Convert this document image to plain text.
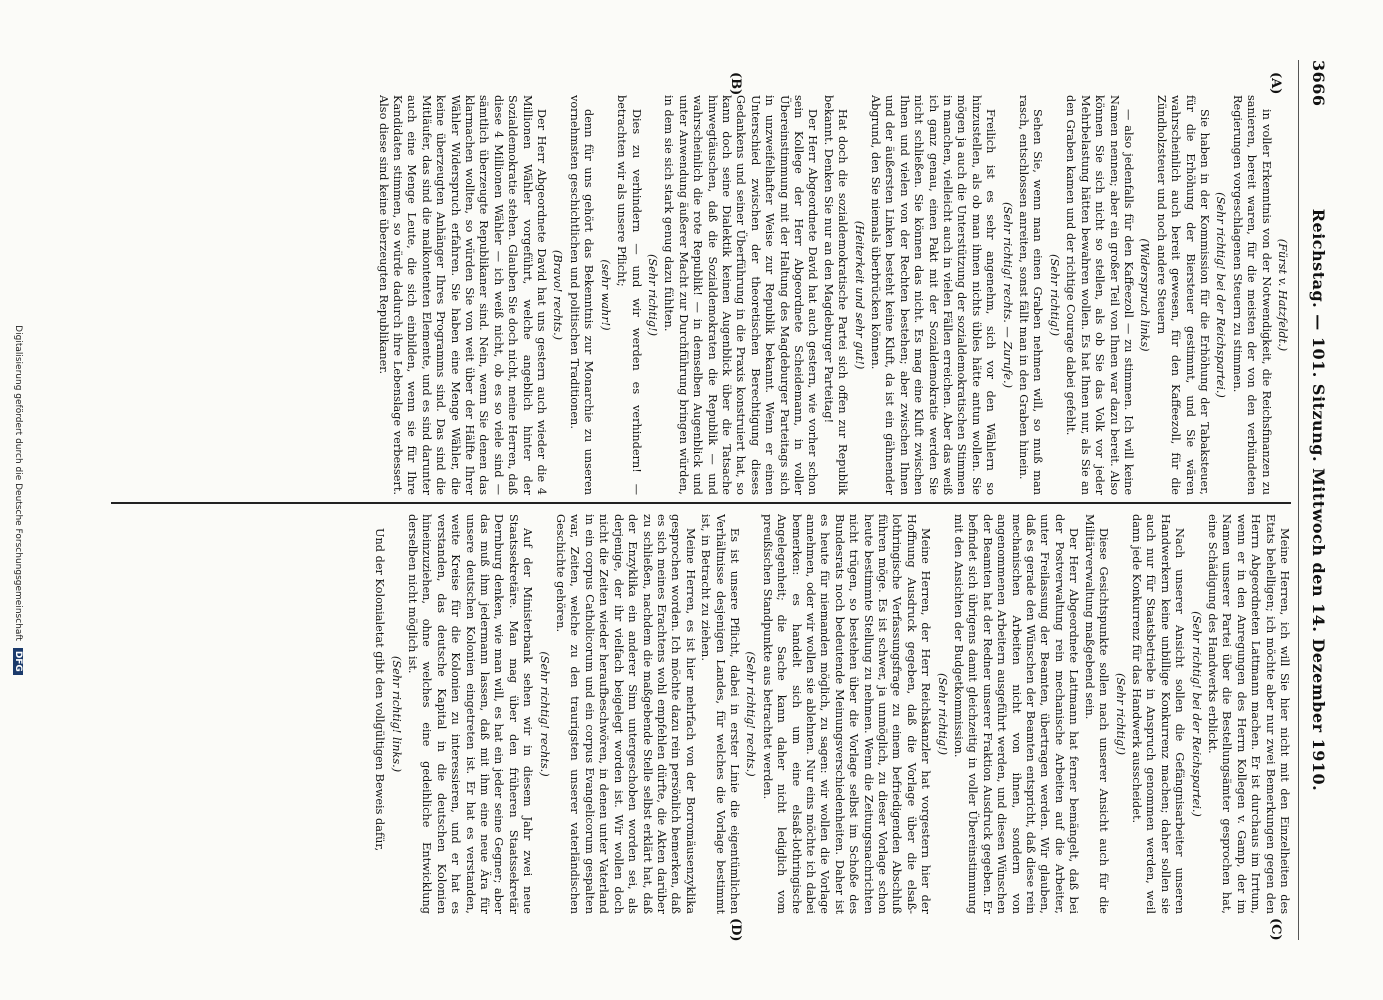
3666
Reichstag. — 101. Sitzung. Mittwoch den 14. Dezember 1910.
(A)
(B)
(C)
(D)
(Fürst v. Hatzfeldt.)

in voller Erkenntnis von der Notwendigkeit, die Reichsfinanzen zu sanieren, bereit waren, für die meisten der von den verbündeten Regierungen vorgeschlagenen Steuern zu stimmen.

(Sehr richtig! bei der Reichspartei.)

Sie haben in der Kommission für die Erhöhung der Tabaksteuer, für die Erhöhung der Biersteuer gestimmt, und Sie wären wahrscheinlich auch bereit gewesen, für den Kaffeezoll, für die Zündholzsteuer und noch andere Steuern

(Widerspruch links)

— also jedenfalls für den Kaffeezoll — zu stimmen. Ich will keine Namen nennen; aber ein großer Teil von Ihnen war dazu bereit. Also können Sie sich nicht so stellen, als ob Sie das Volk vor jeder Mehrbelastung hätten bewahren wollen. Es hat Ihnen nur, als Sie an den Graben kamen und der richtige Courage dabei gefehlt.

(Sehr richtig!)

Sehen Sie, wenn man einen Graben nehmen will, so muß man rasch, entschlossen anreiten, sonst fällt man in den Graben hinein.

(Sehr richtig! rechts. — Zurufe.)

Freilich ist es sehr angenehm, sich vor den Wählern so hinzustellen, als ob man ihnen nichts übles hätte antun wollen. Sie mögen ja auch die Unterstützung der sozialdemokratischen Stimmen in manchen, vielleicht auch in vielen Fällen erreichen. Aber das weiß ich ganz genau, einen Pakt mit der Sozialdemokratie werden Sie nicht schließen. Sie können das nicht. Es mag eine Kluft zwischen Ihnen und vielen von der Rechten bestehen; aber zwischen Ihnen und der äußersten Linken besteht keine Kluft, da ist ein gähnender Abgrund, den Sie niemals überbrücken können.

(Heiterkeit und sehr gut!)

Hat doch die sozialdemokratische Partei sich offen zur Republik bekannt. Denken Sie nur an den Magdeburger Parteitag!

Der Herr Abgeordnete David hat auch gestern, wie vorher schon sein Kollege der Herr Abgeordnete Scheidemann, in voller Übereinstimmung mit der Haltung des Magdeburger Parteitags sich in unzweifelhafter Weise zur Republik bekannt. Wenn er einen Unterschied zwischen der theoretischen Berechtigung dieses Gedankens und seiner Überführung in die Praxis konstruiert hat, so kann doch seine Dialektik keinen Augenblick über die Tatsache hinwegtäuschen, daß die Sozialdemokraten die Republik — und wahrscheinlich die rote Republik! — in demselben Augenblick und unter Anwendung äußerer Macht zur Durchführung bringen würden, in dem sie sich stark genug dazu fühlten.

(Sehr richtig!)

Dies zu verhindern — und wir werden es verhindern! — betrachten wir als unsere Pflicht;

(sehr wahr!)

denn für uns gehört das Bekenntnis zur Monarchie zu unseren vornehmsten geschichtlichen und politischen Traditionen.

(Bravo! rechts.)

Der Herr Abgeordnete David hat uns gestern auch wieder die 4 Millionen Wähler vorgeführt, welche angeblich hinter der Sozialdemokratie stehen. Glauben Sie doch nicht, meine Herren, daß diese 4 Millionen Wähler — ich weiß nicht, ob es so viele sind — sämtlich überzeugte Republikaner sind. Nein, wenn Sie denen das klarmachen wollten, so würden Sie von weit über der Hälfte Ihrer Wähler Widerspruch erfahren. Sie haben eine Menge Wähler, die keine überzeugten Anhänger Ihres Programms sind. Das sind die Mitläufer, das sind die malkontenten Elemente, und es sind darunter auch eine Menge Leute, die sich einbilden, wenn sie für Ihre Kandidaten stimmen, so würde dadurch ihre Lebenslage verbessert. Also diese sind keine überzeugten Republikaner.

Meine Herren, ich will Sie hier nicht mit den Einzelheiten des Etats behelligen; ich möchte aber nur zwei Bemerkungen gegen den Herrn Abgeordneten Lattmann machen. Er ist durchaus im Irrtum, wenn er in den Anregungen des Herrn Kollegen v. Gamp, der im Namen unserer Partei über die Bestellungsämter gesprochen hat, eine Schädigung des Handwerks erblickt.

(Sehr richtig! bei der Reichspartei.)

Nach unserer Ansicht sollen die Gefängnisarbeiter unseren Handwerkern keine unbillige Konkurrenz machen; daher sollen sie auch nur für Staatsbetriebe in Anspruch genommen werden, weil dann jede Konkurrenz für das Handwerk ausscheidet.

(Sehr richtig!)

Diese Gesichtspunkte sollen nach unserer Ansicht auch für die Militärverwaltung maßgebend sein.

Der Herr Abgeordnete Lattmann hat ferner bemängelt, daß bei der Postverwaltung rein mechanische Arbeiten auf die Arbeiter, unter Freilassung der Beamten, übertragen werden. Wir glauben, daß es gerade den Wünschen der Beamten entspricht, daß diese rein mechanischen Arbeiten nicht von ihnen, sondern von angenommenen Arbeitern ausgeführt werden, und diesen Wünschen der Beamten hat der Redner unserer Fraktion Ausdruck gegeben. Er befindet sich übrigens damit gleichzeitig in voller Übereinstimmung mit den Ansichten der Budgetkommission.

(Sehr richtig!)

Meine Herren, der Herr Reichskanzler hat vorgestern hier der Hoffnung Ausdruck gegeben, daß die Vorlage über die elsaß-lothringische Verfassungsfrage zu einem befriedigenden Abschluß führen möge. Es ist schwer, ja unmöglich, zu dieser Vorlage schon heute bestimmte Stellung zu nehmen. Wenn die Zeitungsnachrichten nicht trügen, so bestehen über die Vorlage selbst im Schoße des Bundesrats noch bedeutende Meinungsverschiedenheiten. Daher ist es heute für niemanden möglich, zu sagen: wir wollen die Vorlage annehmen, oder wir wollen sie ablehnen. Nur eins möchte ich dabei bemerken: es handelt sich um eine elsaß-lothringische Angelegenheit; die Sache kann daher nicht lediglich vom preußischen Standpunkte aus betrachtet werden.

(Sehr richtig! rechts.)

Es ist unsere Pflicht, dabei in erster Linie die eigentümlichen Verhältnisse desjenigen Landes, für welches die Vorlage bestimmt ist, in Betracht zu ziehen.

Meine Herren, es ist hier mehrfach von der Borromäusenzyklika gesprochen worden. Ich möchte dazu rein persönlich bemerken, daß es sich meines Erachtens wohl empfehlen dürfte, die Akten darüber zu schließen, nachdem die maßgebende Stelle selbst erklärt hat, daß der Enzyklika ein anderer Sinn untergeschoben worden sei, als derjenige, der ihr vielfach beigelegt worden ist. Wir wollen doch nicht die Zeiten wieder heraufbeschwören, in denen unter Vaterland in ein corpus Catholicorum und ein corpus Evangelicorum gespalten war, Zeiten, welche zu den traurigsten unserer vaterländischen Geschichte gehören.

(Sehr richtig! rechts.)

Auf der Ministerbank sehen wir in diesem Jahr zwei neue Staatssekretäre. Man mag über den früheren Staatssekretär Dernburg denken, wie man will, es hat ein jeder seine Gegner; aber das muß ihm jedermann lassen, daß mit ihm eine neue Ära für unsere deutschen Kolonien eingetreten ist. Er hat es verstanden, weite Kreise für die Kolonien zu interessieren, und er hat es verstanden, das deutsche Kapital in die deutschen Kolonien hineinzuziehen, ohne welches eine gedeihliche Entwicklung derselben nicht möglich ist.

(Sehr richtig! links.)

Und der Kolonialetat gibt den vollgültigen Beweis dafür,

Digitalisierung gefördert durch die Deutsche Forschungsgemeinschaft DFG
